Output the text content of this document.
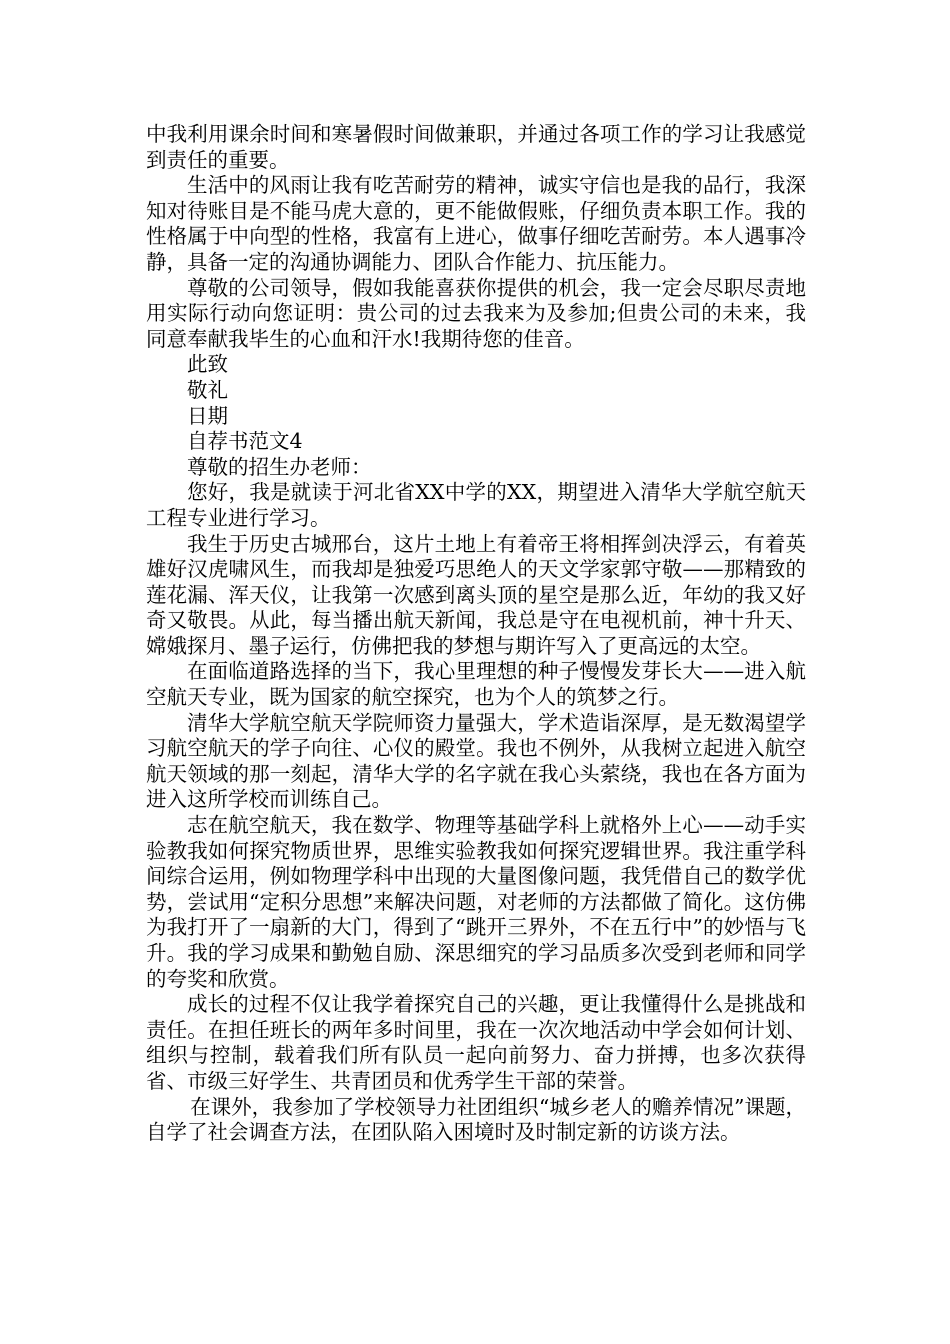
中我利用课余时间和寒暑假时间做兼职，并通过各项工作的学习让我感觉到责任的重要。

生活中的风雨让我有吃苦耐劳的精神，诚实守信也是我的品行，我深知对待账目是不能马虎大意的，更不能做假账，仔细负责本职工作。我的性格属于中向型的性格，我富有上进心，做事仔细吃苦耐劳。本人遇事冷静，具备一定的沟通协调能力、团队合作能力、抗压能力。

尊敬的公司领导，假如我能喜获你提供的机会，我一定会尽职尽责地用实际行动向您证明：贵公司的过去我来为及参加;但贵公司的未来，我同意奉献我毕生的心血和汗水!我期待您的佳音。

此致

敬礼

日期

自荐书范文4

尊敬的招生办老师：

您好，我是就读于河北省XX中学的XX，期望进入清华大学航空航天工程专业进行学习。

我生于历史古城邢台，这片土地上有着帝王将相挥剑决浮云，有着英雄好汉虎啸风生，而我却是独爱巧思绝人的天文学家郭守敬——那精致的莲花漏、浑天仪，让我第一次感到离头顶的星空是那么近，年幼的我又好奇又敬畏。从此，每当播出航天新闻，我总是守在电视机前，神十升天、嫦娥探月、墨子运行，仿佛把我的梦想与期许写入了更高远的太空。

在面临道路选择的当下，我心里理想的种子慢慢发芽长大——进入航空航天专业，既为国家的航空探究，也为个人的筑梦之行。

清华大学航空航天学院师资力量强大，学术造诣深厚，是无数渴望学习航空航天的学子向往、心仪的殿堂。我也不例外，从我树立起进入航空航天领域的那一刻起，清华大学的名字就在我心头萦绕，我也在各方面为进入这所学校而训练自己。

志在航空航天，我在数学、物理等基础学科上就格外上心——动手实验教我如何探究物质世界，思维实验教我如何探究逻辑世界。我注重学科间综合运用，例如物理学科中出现的大量图像问题，我凭借自己的数学优势，尝试用“定积分思想”来解决问题，对老师的方法都做了简化。这仿佛为我打开了一扇新的大门，得到了“跳开三界外，不在五行中”的妙悟与飞升。我的学习成果和勤勉自励、深思细究的学习品质多次受到老师和同学的夸奖和欣赏。

成长的过程不仅让我学着探究自己的兴趣，更让我懂得什么是挑战和责任。在担任班长的两年多时间里，我在一次次地活动中学会如何计划、组织与控制，载着我们所有队员一起向前努力、奋力拼搏，也多次获得省、市级三好学生、共青团员和优秀学生干部的荣誉。

在课外，我参加了学校领导力社团组织“城乡老人的赡养情况”课题，自学了社会调查方法，在团队陷入困境时及时制定新的访谈方法。
